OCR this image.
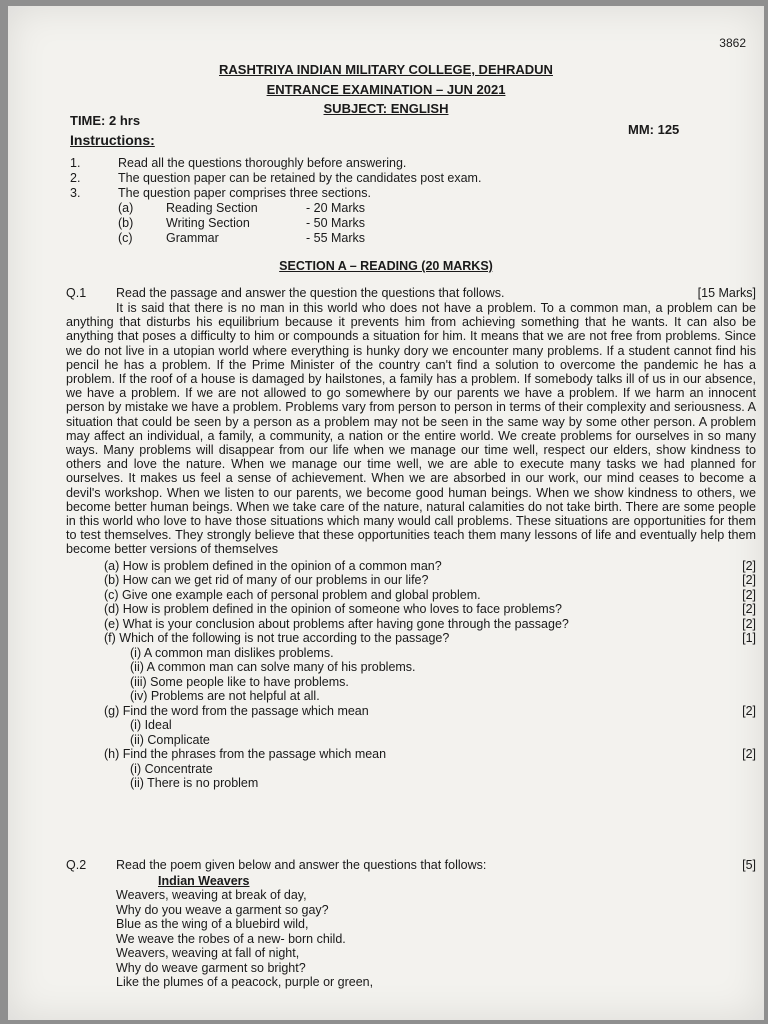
3862
RASHTRIYA INDIAN MILITARY COLLEGE, DEHRADUN
ENTRANCE EXAMINATION – JUN 2021
SUBJECT: ENGLISH
TIME: 2 hrs
MM: 125
Instructions:
1.	Read all the questions thoroughly before answering.
2.	The question paper can be retained by the candidates post exam.
3.	The question paper comprises three sections.
(a)	Reading Section	- 20 Marks
(b)	Writing Section	- 50 Marks
(c)	Grammar	- 55 Marks
SECTION A – READING (20 MARKS)
Q.1	Read the passage and answer the question the questions that follows.	[15 Marks]
It is said that there is no man in this world who does not have a problem. To a common man, a problem can be anything that disturbs his equilibrium because it prevents him from achieving something that he wants. It can also be anything that poses a difficulty to him or compounds a situation for him. It means that we are not free from problems. Since we do not live in a utopian world where everything is hunky dory we encounter many problems. If a student cannot find his pencil he has a problem. If the Prime Minister of the country can't find a solution to overcome the pandemic he has a problem. If the roof of a house is damaged by hailstones, a family has a problem. If somebody talks ill of us in our absence, we have a problem. If we are not allowed to go somewhere by our parents we have a problem. If we harm an innocent person by mistake we have a problem. Problems vary from person to person in terms of their complexity and seriousness. A situation that could be seen by a person as a problem may not be seen in the same way by some other person. A problem may affect an individual, a family, a community, a nation or the entire world. We create problems for ourselves in so many ways. Many problems will disappear from our life when we manage our time well, respect our elders, show kindness to others and love the nature. When we manage our time well, we are able to execute many tasks we had planned for ourselves. It makes us feel a sense of achievement. When we are absorbed in our work, our mind ceases to become a devil's workshop. When we listen to our parents, we become good human beings. When we show kindness to others, we become better human beings. When we take care of the nature, natural calamities do not take birth. There are some people in this world who love to have those situations which many would call problems. These situations are opportunities for them to test themselves. They strongly believe that these opportunities teach them many lessons of life and eventually help them become better versions of themselves
(a) How is problem defined in the opinion of a common man?	[2]
(b) How can we get rid of many of our problems in our life?	[2]
(c) Give one example each of personal problem and global problem.	[2]
(d) How is problem defined in the opinion of someone who loves to face problems?	[2]
(e) What is your conclusion about problems after having gone through the passage?	[2]
(f) Which of the following is not true according to the passage?	[1]
(i) A common man dislikes problems.
(ii) A common man can solve many of his problems.
(iii) Some people like to have problems.
(iv) Problems are not helpful at all.
(g) Find the word from the passage which mean	[2]
(i) Ideal
(ii) Complicate
(h) Find the phrases from the passage which mean	[2]
(i) Concentrate
(ii) There is no problem
Q.2	Read the poem given below and answer the questions that follows:	[5]
Indian Weavers
Weavers, weaving at break of day,
Why do you weave a garment so gay?
Blue as the wing of a bluebird wild,
We weave the robes of a new- born child.
Weavers, weaving at fall of night,
Why do weave garment so bright?
Like the plumes of a peacock, purple or green,
